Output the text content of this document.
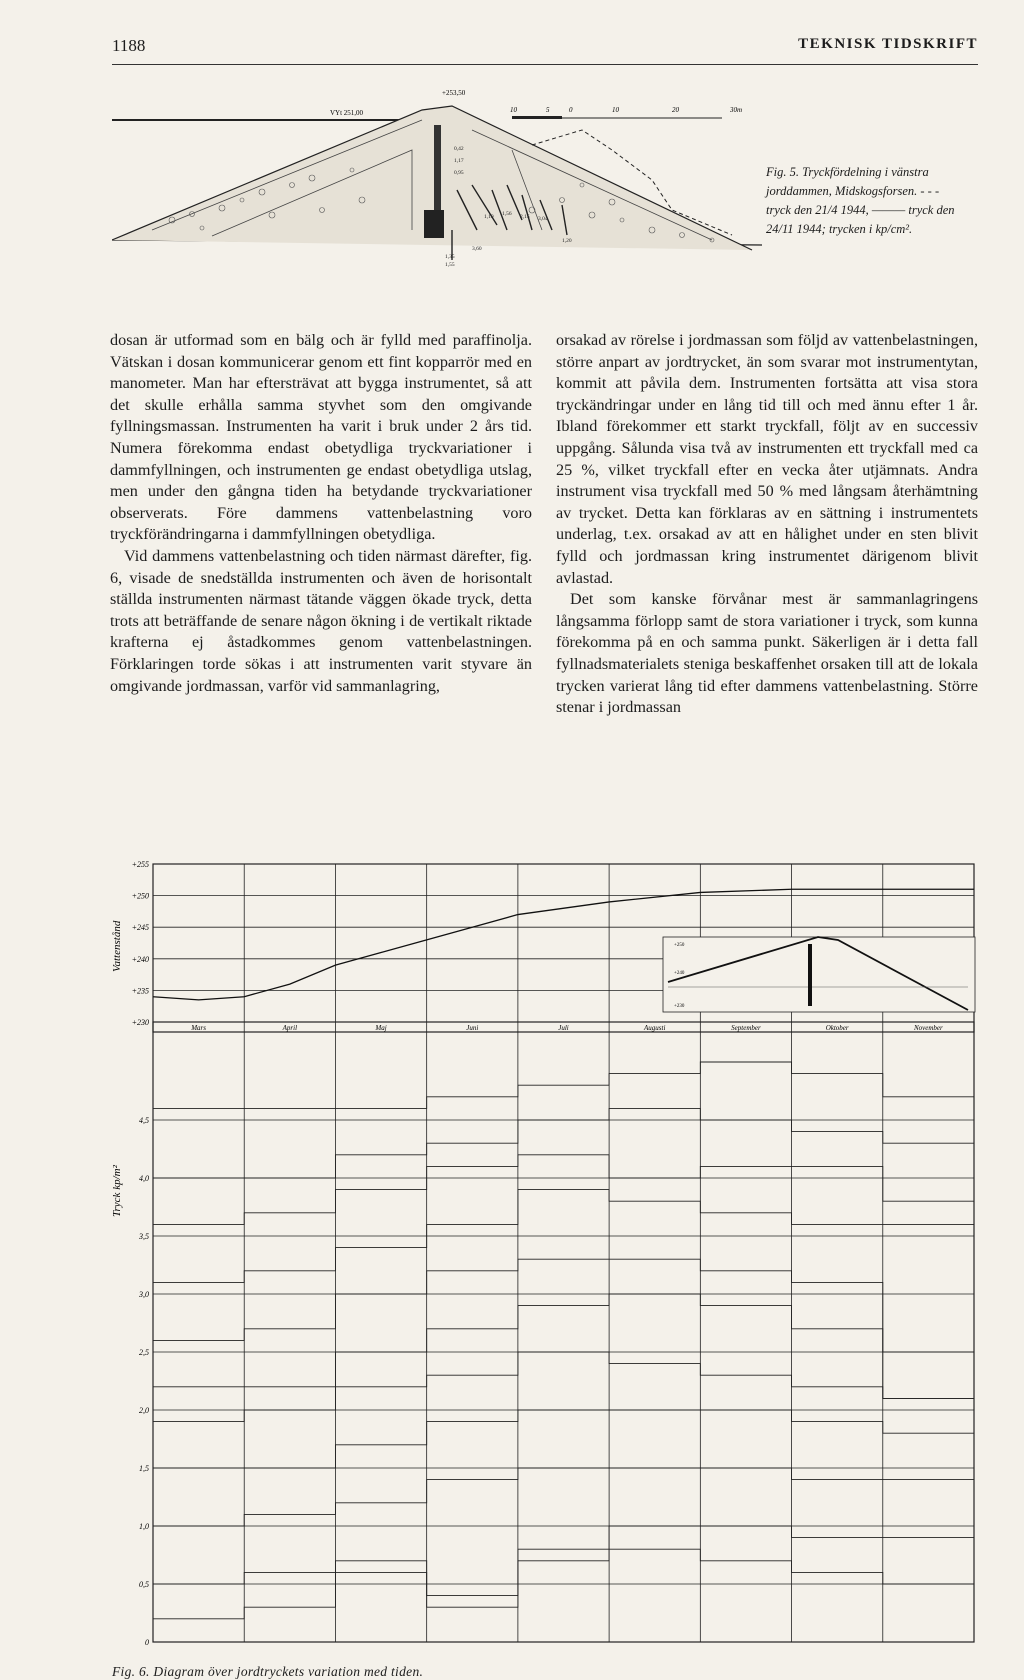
1188	TEKNISK TIDSKRIFT
VYt 251,00
+253,50
10	5	0	10	20	30m
0,42
1,17
0,95
1,19 1,56 2,15 3,04
1,35
1,55
3,60
1,20
Fig. 5. Tryckfördelning i vänstra jorddammen, Midskogsforsen. - - - tryck den 21/4 1944, ——— tryck den 24/11 1944; trycken i kp/cm².

dosan är utformad som en bälg och är fylld med paraffinolja. Vätskan i dosan kommunicerar genom ett fint kopparrör med en manometer. Man har eftersträvat att bygga instrumentet, så att det skulle erhålla samma styvhet som den omgivande fyllningsmassan. Instrumenten ha varit i bruk under 2 års tid. Numera förekomma endast obetydliga tryckvariationer i dammfyllningen, och instrumenten ge endast obetydliga utslag, men under den gångna tiden ha betydande tryckvariationer observerats. Före dammens vattenbelastning voro tryckförändringarna i dammfyllningen obetydliga.

Vid dammens vattenbelastning och tiden närmast därefter, fig. 6, visade de snedställda instrumenten och även de horisontalt ställda instrumenten närmast tätande väggen ökade tryck, detta trots att beträffande de senare någon ökning i de vertikalt riktade krafterna ej åstadkommes genom vattenbelastningen. Förklaringen torde sökas i att instrumenten varit styvare än omgivande jordmassan, varför vid sammanlagring,

orsakad av rörelse i jordmassan som följd av vattenbelastningen, större anpart av jordtrycket, än som svarar mot instrumentytan, kommit att påvila dem. Instrumenten fortsätta att visa stora tryckändringar under en lång tid till och med ännu efter 1 år. Ibland förekommer ett starkt tryckfall, följt av en successiv uppgång. Sålunda visa två av instrumenten ett tryckfall med ca 25 %, vilket tryckfall efter en vecka åter utjämnats. Andra instrument visa tryckfall med 50 % med långsam återhämtning av trycket. Detta kan förklaras av en sättning i instrumentets underlag, t.ex. orsakad av att en hålighet under en sten blivit fylld och jordmassan kring instrumentet därigenom blivit avlastad.

Det som kanske förvånar mest är sammanlagringens långsamma förlopp samt de stora variationer i tryck, som kunna förekomma på en och samma punkt. Säkerligen är i detta fall fyllnadsmaterialets steniga beskaffenhet orsaken till att de lokala trycken varierat lång tid efter dammens vattenbelastning. Större stenar i jordmassan

Vattenstånd
Tryck kp/m²
+255
+250
+245
+240
+235
+230
4,5
4,0
3,5
3,0
2,5
2,0
1,5
1,0
0,5
0
Mars	April	Maj	Juni	Juli	Augusti	September	Oktober	November
+250
+240
+230
Fig. 6. Diagram över jordtryckets variation med tiden.
